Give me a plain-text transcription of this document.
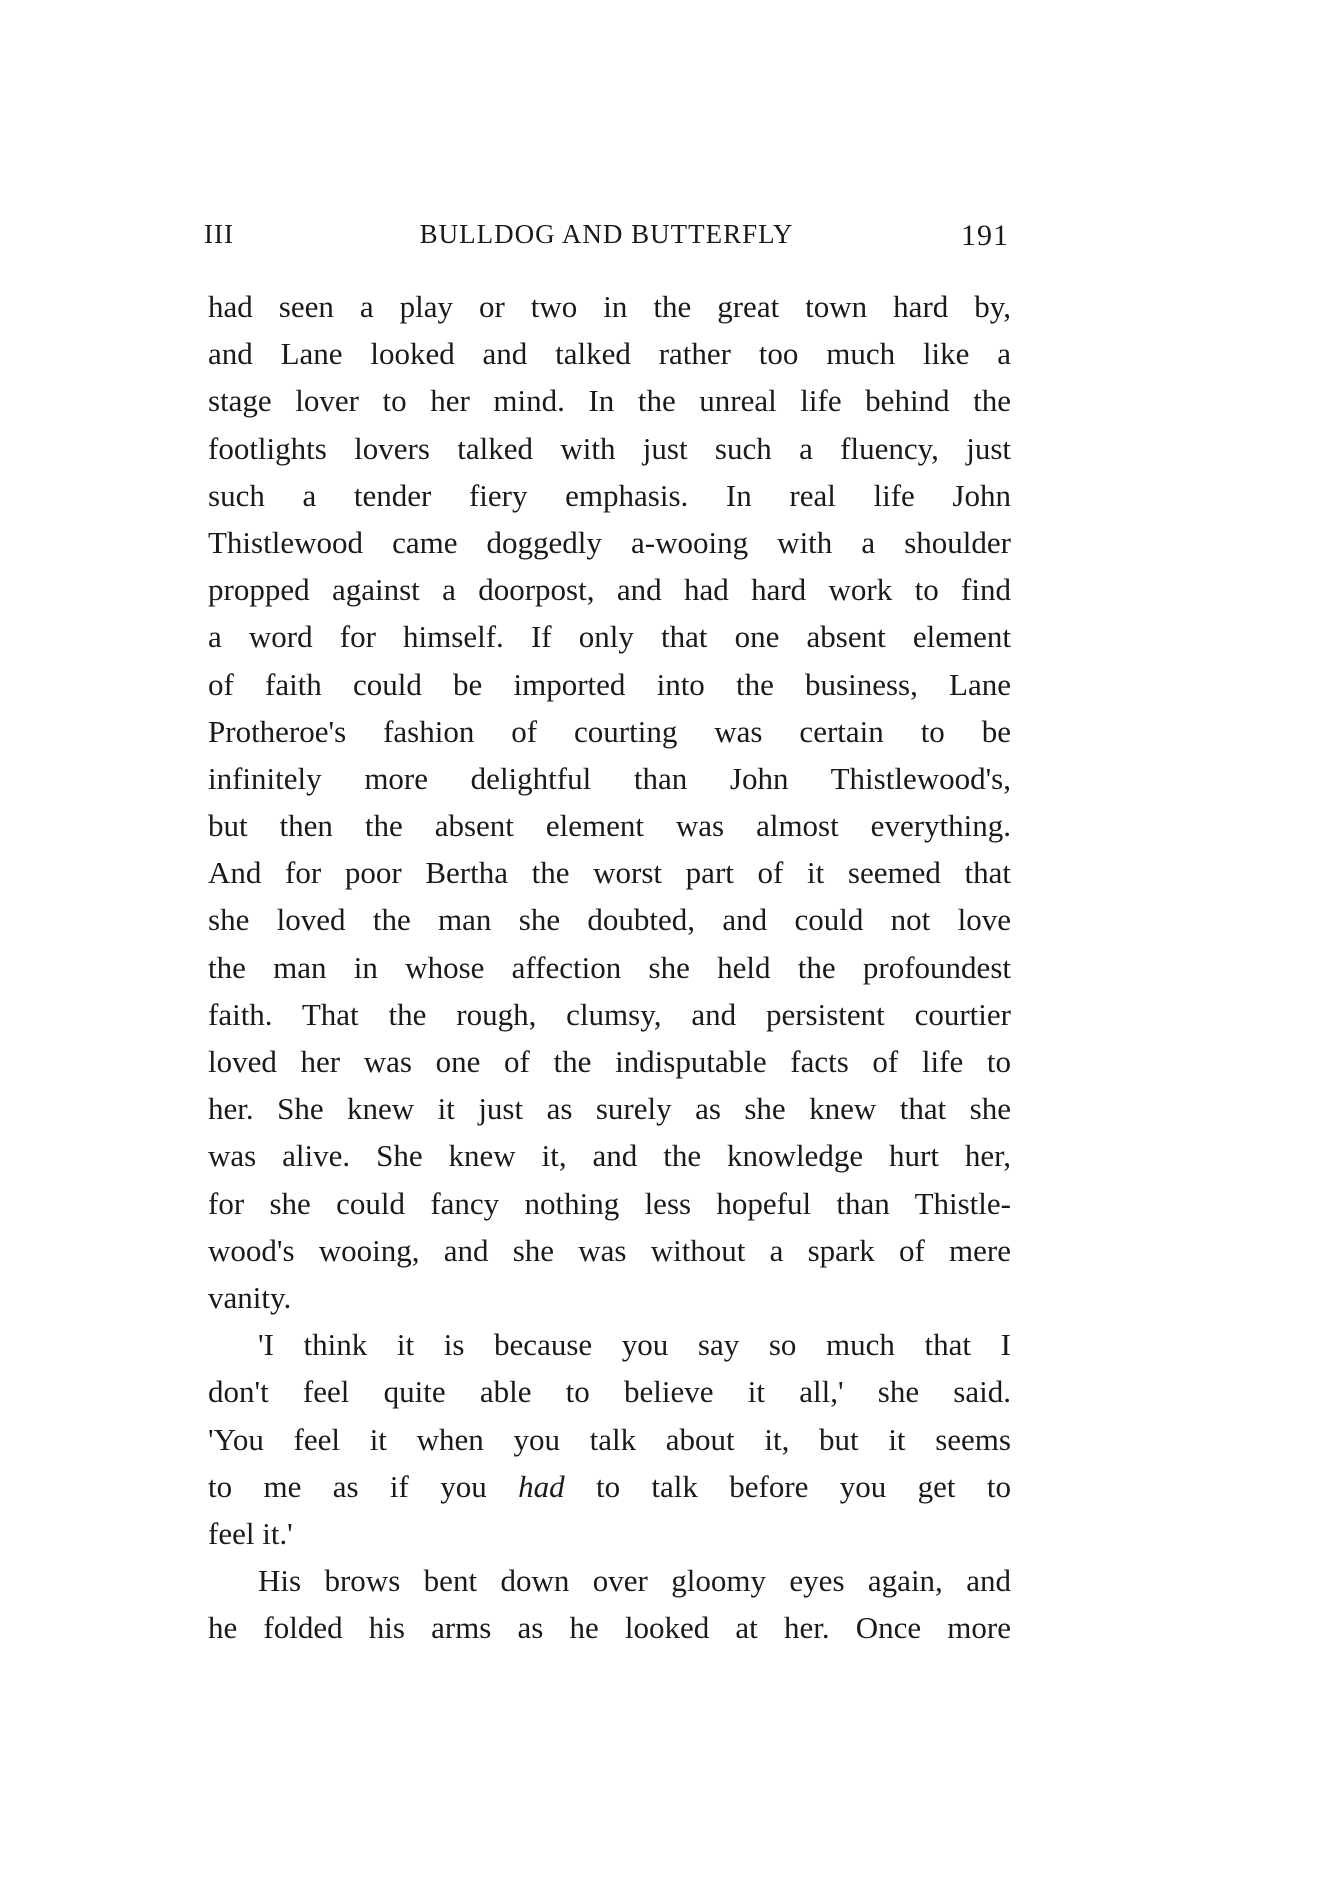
III	BULLDOG AND BUTTERFLY	191
had seen a play or two in the great town hard by,
and Lane looked and talked rather too much like a
stage lover to her mind. In the unreal life behind the
footlights lovers talked with just such a fluency, just
such a tender fiery emphasis. In real life John
Thistlewood came doggedly a-wooing with a shoulder
propped against a doorpost, and had hard work to find
a word for himself. If only that one absent element
of faith could be imported into the business, Lane
Protheroe's fashion of courting was certain to be
infinitely more delightful than John Thistlewood's,
but then the absent element was almost everything.
And for poor Bertha the worst part of it seemed that
she loved the man she doubted, and could not love
the man in whose affection she held the profoundest
faith. That the rough, clumsy, and persistent courtier
loved her was one of the indisputable facts of life to
her. She knew it just as surely as she knew that she
was alive. She knew it, and the knowledge hurt her,
for she could fancy nothing less hopeful than Thistle-
wood's wooing, and she was without a spark of mere
vanity.
'I think it is because you say so much that I
don't feel quite able to believe it all,' she said.
'You feel it when you talk about it, but it seems
to me as if you had to talk before you get to
feel it.'
His brows bent down over gloomy eyes again, and
he folded his arms as he looked at her. Once more
